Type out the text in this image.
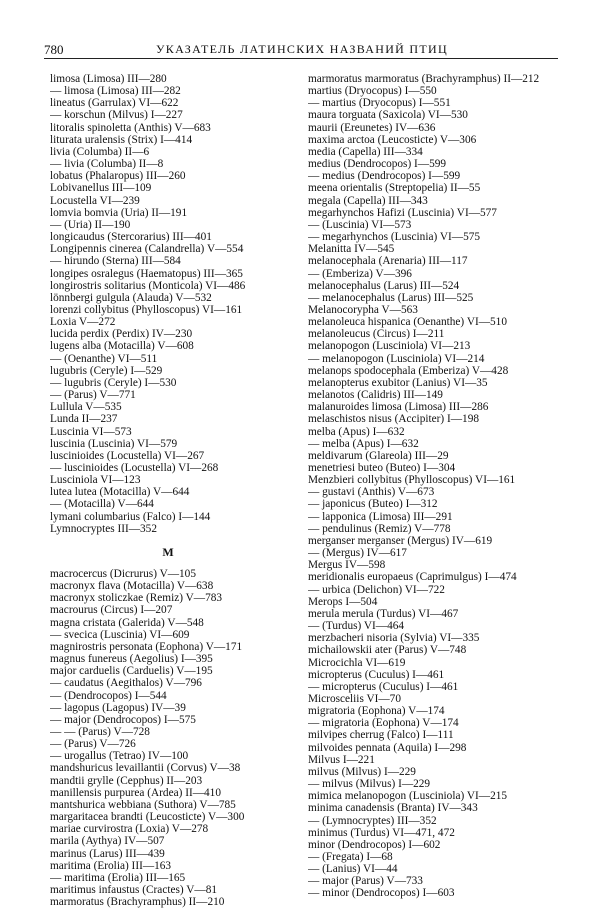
780	УКАЗАТЕЛЬ ЛАТИНСКИХ НАЗВАНИЙ ПТИЦ
limosa (Limosa) III—280
— limosa (Limosa) III—282
lineatus (Garrulax) VI—622
— korschun (Milvus) I—227
litoralis spinoletta (Anthis) V—683
liturata uralensis (Strix) I—414
livia (Columba) II—6
— livia (Columba) II—8
lobatus (Phalaropus) III—260
Lobivanellus III—109
Locustella VI—239
lomvia bomvia (Uria) II—191
— (Uria) II—190
longicaudus (Stercorarius) III—401
Longipennis cinerea (Calandrella) V—554
— hirundo (Sterna) III—584
longipes osralegus (Haematopus) III—365
longirostris solitarius (Monticola) VI—486
lönnbergi gulgula (Alauda) V—532
lorenzi collybitus (Phylloscopus) VI—161
Loxia V—272
lucida perdix (Perdix) IV—230
lugens alba (Motacilla) V—608
— (Oenanthe) VI—511
lugubris (Ceryle) I—529
— lugubris (Ceryle) I—530
— (Parus) V—771
Lullula V—535
Lunda II—237
Luscinia VI—573
luscinia (Luscinia) VI—579
luscinioides (Locustella) VI—267
— luscinioides (Locustella) VI—268
Lusciniola VI—123
lutea lutea (Motacilla) V—644
— (Motacilla) V—644
lymani columbarius (Falco) I—144
Lymnocryptes III—352
M
macrocercus (Dicrurus) V—105
macronyx flava (Motacilla) V—638
macronyx stoliczkae (Remiz) V—783
macrourus (Circus) I—207
magna cristata (Galerida) V—548
— svecica (Luscinia) VI—609
magnirostris personata (Eophona) V—171
magnus funereus (Aegolius) I—395
major carduelis (Carduelis) V—195
— caudatus (Aegithalos) V—796
— (Dendrocopos) I—544
— lagopus (Lagopus) IV—39
— major (Dendrocopos) I—575
— — (Parus) V—728
— (Parus) V—726
— urogallus (Tetrao) IV—100
mandshuricus levaillantii (Corvus) V—38
mandtii grylle (Cepphus) II—203
manillensis purpurea (Ardea) II—410
mantshurica webbiana (Suthora) V—785
margaritacea brandti (Leucosticte) V—300
mariae curvirostra (Loxia) V—278
marila (Aythya) IV—507
marinus (Larus) III—439
maritima (Erolia) III—163
— maritima (Erolia) III—165
maritimus infaustus (Cractes) V—81
marmoratus (Brachyramphus) II—210
marmoratus marmoratus (Brachyramphus) II—212
martius (Dryocopus) I—550
— martius (Dryocopus) I—551
maura torguata (Saxicola) VI—530
maurii (Ereunetes) IV—636
maxima arctoa (Leucosticte) V—306
media (Capella) III—334
medius (Dendrocopos) I—599
— medius (Dendrocopos) I—599
meena orientalis (Streptopelia) II—55
megala (Capella) III—343
megarhynchos Hafizi (Luscinia) VI—577
— (Luscinia) VI—573
— megarhynchos (Luscinia) VI—575
Melanitta IV—545
melanocephala (Arenaria) III—117
— (Emberiza) V—396
melanocephalus (Larus) III—524
— melanocephalus (Larus) III—525
Melanocorypha V—563
melanoleuca hispanica (Oenanthe) VI—510
melanoleucus (Circus) I—211
melanopogon (Lusciniola) VI—213
— melanopogon (Lusciniola) VI—214
melanops spodocephala (Emberiza) V—428
melanopterus exubitor (Lanius) VI—35
melanotos (Calidris) III—149
malanuroides limosa (Limosa) III—286
melaschistos nisus (Accipiter) I—198
melba (Apus) I—632
— melba (Apus) I—632
meldivarum (Glareola) III—29
menetriesi buteo (Buteo) I—304
Menzbieri collybitus (Phylloscopus) VI—161
— gustavi (Anthis) V—673
— japonicus (Buteo) I—312
— lapponica (Limosa) III—291
— pendulinus (Remiz) V—778
merganser merganser (Mergus) IV—619
— (Mergus) IV—617
Mergus IV—598
meridionalis europaeus (Caprimulgus) I—474
— urbica (Delichon) VI—722
Merops I—504
merula merula (Turdus) VI—467
— (Turdus) VI—464
merzbacheri nisoria (Sylvia) VI—335
michailowskii ater (Parus) V—748
Microcichla VI—619
micropterus (Cuculus) I—461
— micropterus (Cuculus) I—461
Microsceliis VI—70
migratoria (Eophona) V—174
— migratoria (Eophona) V—174
milvipes cherrug (Falco) I—111
milvoides pennata (Aquila) I—298
Milvus I—221
milvus (Milvus) I—229
— milvus (Milvus) I—229
mimica melanopogon (Lusciniola) VI—215
minima canadensis (Branta) IV—343
— (Lymnocryptes) III—352
minimus (Turdus) VI—471, 472
minor (Dendrocopos) I—602
— (Fregata) I—68
— (Lanius) VI—44
— major (Parus) V—733
— minor (Dendrocopos) I—603
